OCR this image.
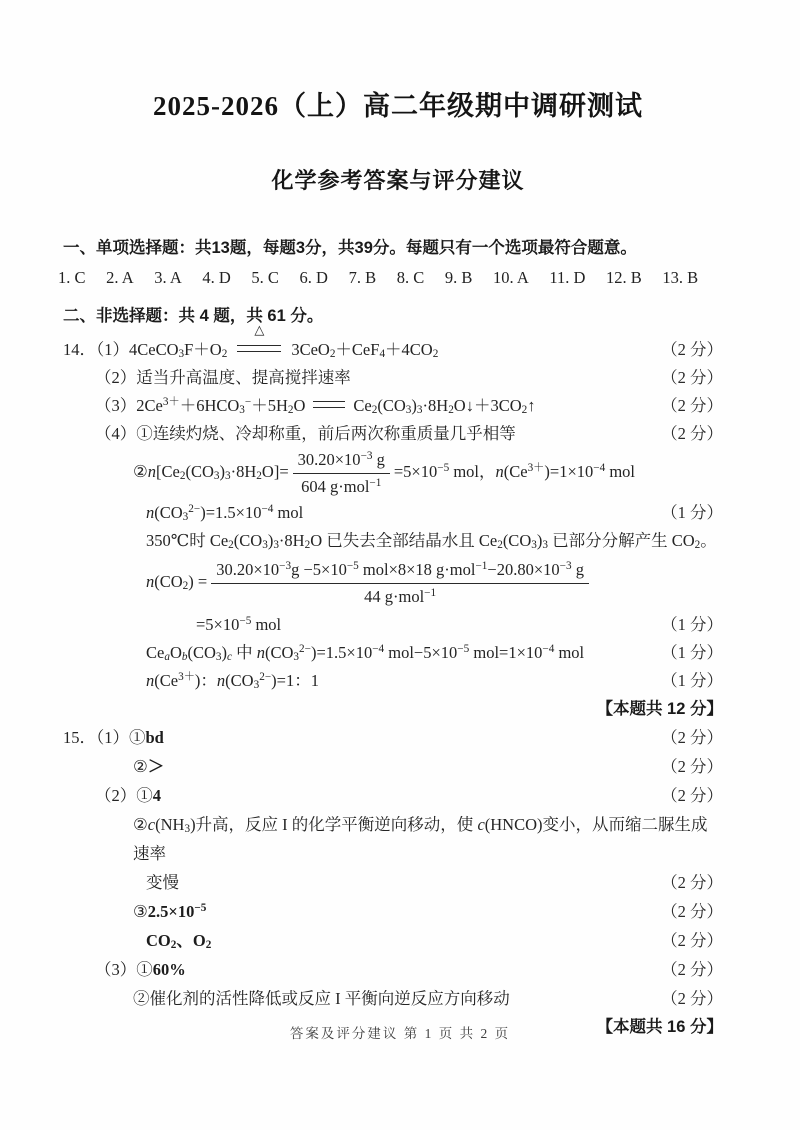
2025-2026（上）高二年级期中调研测试
化学参考答案与评分建议
一、单项选择题：共13题，每题3分，共39分。每题只有一个选项最符合题意。
1. C  2. A  3. A  4. D  5. C  6. D  7. B  8. C  9. B  10. A  11. D  12. B  13. B
二、非选择题：共 4 题，共 61 分。
14．$(1)4CeCO_3F+O_2$
△
$3CeO_2+CeF_4+4CO_2$	（2 分）
（2）适当升高温度、提高搅拌速率	（2 分）
$(3)2Ce^{3+}+6HCO_3^-+5H_2O$	$Ce_2(CO_3)_3\cdot 8H_2O↓+3CO_2↑$	（2 分）
（4）①连续灼烧、冷却称重，前后两次称重质量几乎相等	（2 分）
$②n[Ce_2(CO_3)_3\cdot 8H_2O]= \frac{30.20\times 10^{-3} g}{604 g\cdot mol^{-1}} =5\times 10^{-5}$ mol，$n(Ce^{3+})=1\times 10^{-4}$ mol
$n(CO_3^{2-})=1.5\times 10^{-4}$ mol	（1 分）
350℃时 $Ce_2(CO_3)_3\cdot 8H_2O$ 已失去全部结晶水且 $Ce_2(CO_3)_3$ 已部分分解产生 $CO_2$。
$n(CO_2) = \frac{30.20\times 10^{-3}g -5\times 10^{-5} mol\times 8\times 18 g\cdot mol^{-1}-20.80\times 10^{-3} g}{44 g\cdot mol^{-1}}$
$=5\times 10^{-5}$ mol	（1 分）
$Ce_aO_b(CO_3)_c$ 中 $n(CO_3^{2-})=1.5\times 10^{-4}$ $mol-5\times 10^{-5}$ $mol=1\times 10^{-4}$ mol	（1 分）
$n(Ce^{3+})$：$n(CO_3^{2-})=1$：1	（1 分）
【本题共 12 分】
15．（1）①bd	（2 分）
②＞	（2 分）
（2）①4	（2 分）
$②c(NH_3)$升高，反应 I 的化学平衡逆向移动，使 c(HNCO)变小，从而缩二脲生成速率
变慢	（2 分）
$③2.5\times 10^{-5}$	（2 分）
$CO_2$、$O_2$	（2 分）
（3）①60%	（2 分）
②催化剂的活性降低或反应 I 平衡向逆反应方向移动	（2 分）
【本题共 16 分】
答案及评分建议 第 1 页 共 2 页
